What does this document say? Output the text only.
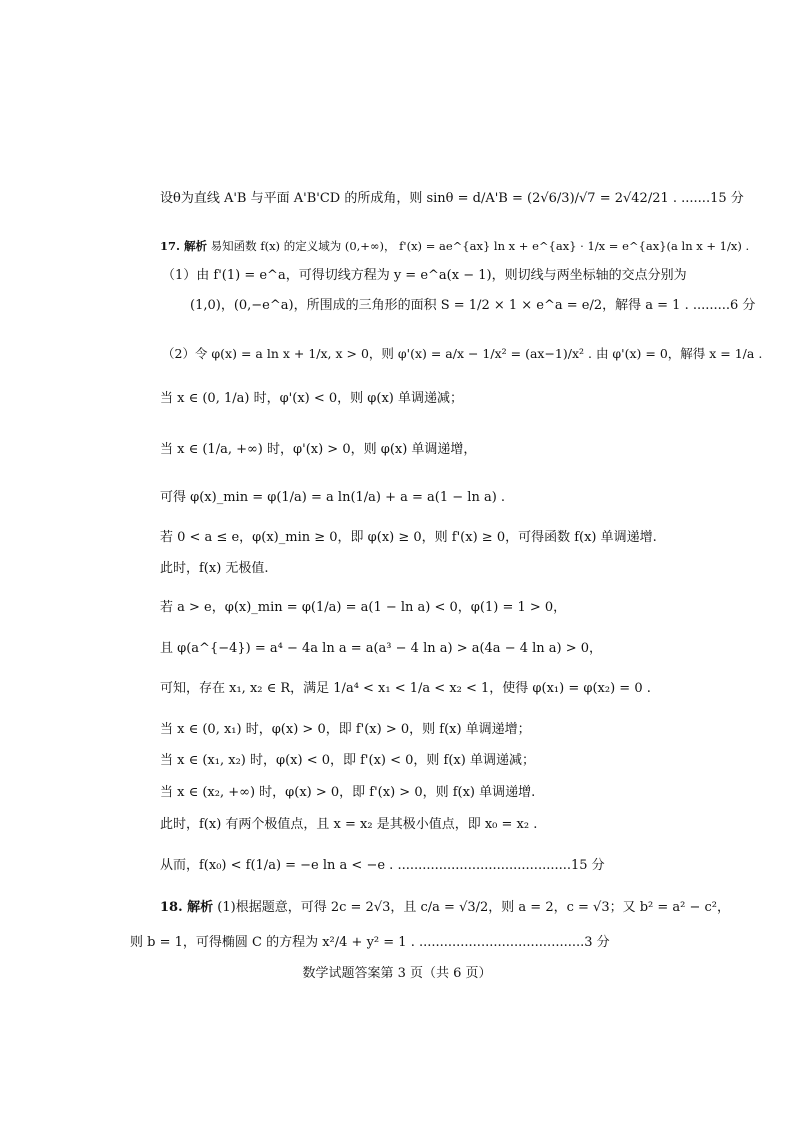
设θ为直线 A'B 与平面 A'B'CD 的所成角，则 sinθ = d/A'B = (2√6/3)/√7 = 2√42/21 . .......15 分
17. 解析 易知函数 f(x) 的定义域为 (0,+∞)， f'(x) = ae^{ax} ln x + e^{ax} · 1/x = e^{ax}(a ln x + 1/x) .
（1）由 f'(1) = e^a，可得切线方程为 y = e^a(x − 1)，则切线与两坐标轴的交点分别为
(1,0)，(0,−e^a)，所围成的三角形的面积 S = 1/2 × 1 × e^a = e/2，解得 a = 1 . .........6 分
（2）令 φ(x) = a ln x + 1/x, x > 0，则 φ'(x) = a/x − 1/x² = (ax−1)/x² . 由 φ'(x) = 0，解得 x = 1/a .
当 x ∈ (0, 1/a) 时，φ'(x) < 0，则 φ(x) 单调递减；
当 x ∈ (1/a, +∞) 时，φ'(x) > 0，则 φ(x) 单调递增，
可得 φ(x)_min = φ(1/a) = a ln(1/a) + a = a(1 − ln a) .
若 0 < a ≤ e，φ(x)_min ≥ 0，即 φ(x) ≥ 0，则 f'(x) ≥ 0，可得函数 f(x) 单调递增.
此时，f(x) 无极值.
若 a > e，φ(x)_min = φ(1/a) = a(1 − ln a) < 0，φ(1) = 1 > 0，
且 φ(a^{−4}) = a⁴ − 4a ln a = a(a³ − 4 ln a) > a(4a − 4 ln a) > 0，
可知，存在 x₁, x₂ ∈ R，满足 1/a⁴ < x₁ < 1/a < x₂ < 1，使得 φ(x₁) = φ(x₂) = 0 .
当 x ∈ (0, x₁) 时，φ(x) > 0，即 f'(x) > 0，则 f(x) 单调递增；
当 x ∈ (x₁, x₂) 时，φ(x) < 0，即 f'(x) < 0，则 f(x) 单调递减；
当 x ∈ (x₂, +∞) 时，φ(x) > 0，即 f'(x) > 0，则 f(x) 单调递增.
此时，f(x) 有两个极值点，且 x = x₂ 是其极小值点，即 x₀ = x₂ .
从而，f(x₀) < f(1/a) = −e ln a < −e . ..........................................15 分
18. 解析 (1)根据题意，可得 2c = 2√3，且 c/a = √3/2，则 a = 2，c = √3；又 b² = a² − c²，
则 b = 1，可得椭圆 C 的方程为 x²/4 + y² = 1 . ........................................3 分
数学试题答案第 3 页（共 6 页）
